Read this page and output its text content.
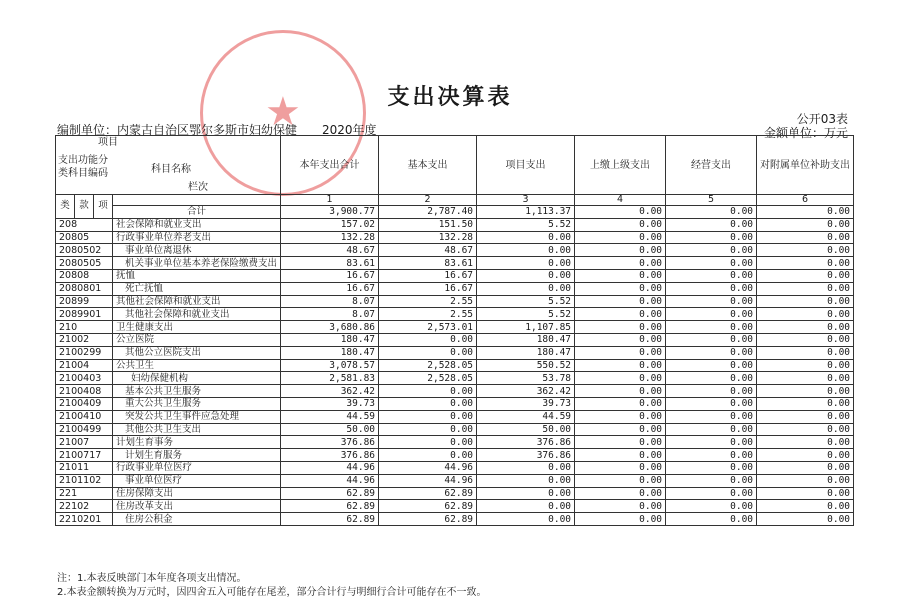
★	支出决算表
公开03表
金额单位：万元
编制单位：内蒙古自治区鄂尔多斯市妇幼保健 2020年度
项目
支出功能分类科目编码 科目名称
栏次				本年支出合计	基本支出	项目支出	上缴上级支出	经营支出	对附属单位补助支出
类	款	项		1	2	3	4	5	6
			合计	3,900.77	2,787.40	1,113.37	0.00	0.00	0.00
208			社会保障和就业支出	157.02	151.50	5.52	0.00	0.00	0.00
20805			行政事业单位养老支出	132.28	132.28	0.00	0.00	0.00	0.00
2080502			事业单位离退休	48.67	48.67	0.00	0.00	0.00	0.00
2080505			机关事业单位基本养老保险缴费支出	83.61	83.61	0.00	0.00	0.00	0.00
20808			抚恤	16.67	16.67	0.00	0.00	0.00	0.00
2080801			死亡抚恤	16.67	16.67	0.00	0.00	0.00	0.00
20899			其他社会保障和就业支出	8.07	2.55	5.52	0.00	0.00	0.00
2089901			其他社会保障和就业支出	8.07	2.55	5.52	0.00	0.00	0.00
210			卫生健康支出	3,680.86	2,573.01	1,107.85	0.00	0.00	0.00
21002			公立医院	180.47	0.00	180.47	0.00	0.00	0.00
2100299			其他公立医院支出	180.47	0.00	180.47	0.00	0.00	0.00
21004			公共卫生	3,078.57	2,528.05	550.52	0.00	0.00	0.00
2100403			妇幼保健机构	2,581.83	2,528.05	53.78	0.00	0.00	0.00
2100408			基本公共卫生服务	362.42	0.00	362.42	0.00	0.00	0.00
2100409			重大公共卫生服务	39.73	0.00	39.73	0.00	0.00	0.00
2100410			突发公共卫生事件应急处理	44.59	0.00	44.59	0.00	0.00	0.00
2100499			其他公共卫生支出	50.00	0.00	50.00	0.00	0.00	0.00
21007			计划生育事务	376.86	0.00	376.86	0.00	0.00	0.00
2100717			计划生育服务	376.86	0.00	376.86	0.00	0.00	0.00
21011			行政事业单位医疗	44.96	44.96	0.00	0.00	0.00	0.00
2101102			事业单位医疗	44.96	44.96	0.00	0.00	0.00	0.00
221			住房保障支出	62.89	62.89	0.00	0.00	0.00	0.00
22102			住房改革支出	62.89	62.89	0.00	0.00	0.00	0.00
2210201			住房公积金	62.89	62.89	0.00	0.00	0.00	0.00
注：1.本表反映部门本年度各项支出情况。
2.本表金额转换为万元时，因四舍五入可能存在尾差，部分合计行与明细行合计可能存在不一致。
